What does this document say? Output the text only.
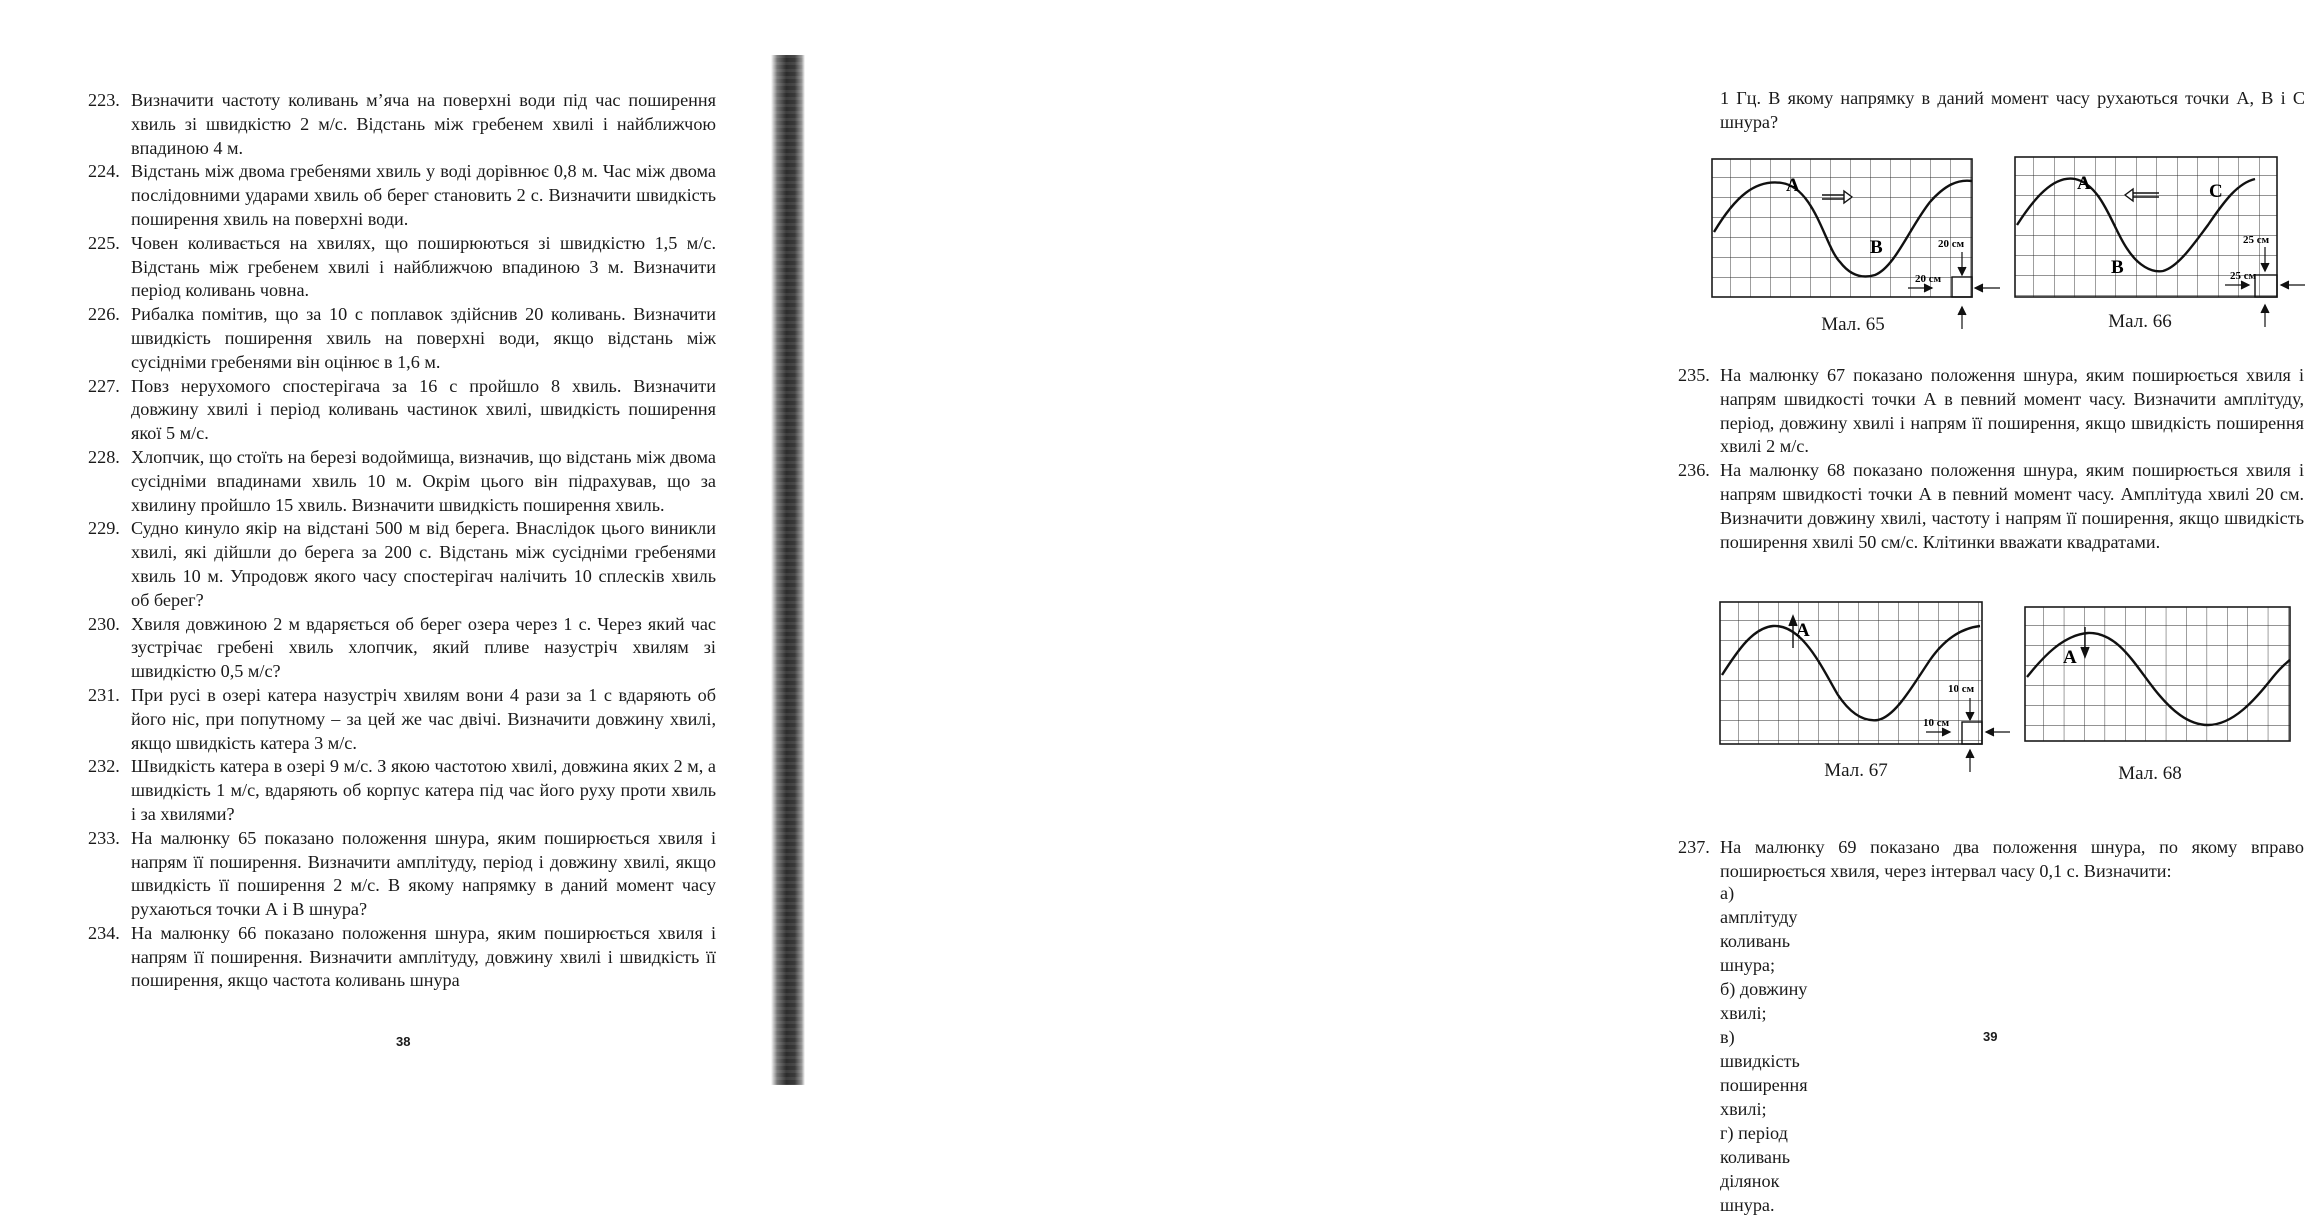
223. Визначити частоту коливань м’яча на поверхні води під час поширення хвиль зі швидкістю 2 м/с. Відстань між гребенем хвилі і найближчою впадиною 4 м.
224. Відстань між двома гребенями хвиль у воді дорівнює 0,8 м. Час між двома послідовними ударами хвиль об берег становить 2 с. Визначити швидкість поширення хвиль на поверхні води.
225. Човен коливається на хвилях, що поширюються зі швидкістю 1,5 м/с. Відстань між гребенем хвилі і найближчою впадиною 3 м. Визначити період коливань човна.
226. Рибалка помітив, що за 10 с поплавок здійснив 20 коливань. Визначити швидкість поширення хвиль на поверхні води, якщо відстань між сусідніми гребенями він оцінює в 1,6 м.
227. Повз нерухомого спостерігача за 16 с пройшло 8 хвиль. Визначити довжину хвилі і період коливань частинок хвилі, швидкість поширення якої 5 м/с.
228. Хлопчик, що стоїть на березі водоймища, визначив, що відстань між двома сусідніми впадинами хвиль 10 м. Окрім цього він підрахував, що за хвилину пройшло 15 хвиль. Визначити швидкість поширення хвиль.
229. Судно кинуло якір на відстані 500 м від берега. Внаслідок цього виникли хвилі, які дійшли до берега за 200 с. Відстань між сусідніми гребенями хвиль 10 м. Упродовж якого часу спостерігач налічить 10 сплесків хвиль об берег?
230. Хвиля довжиною 2 м вдаряється об берег озера через 1 с. Через який час зустрічає гребені хвиль хлопчик, який пливе назустріч хвилям зі швидкістю 0,5 м/с?
231. При русі в озері катера назустріч хвилям вони 4 рази за 1 с вдаряють об його ніс, при попутному – за цей же час двічі. Визначити довжину хвилі, якщо швидкість катера 3 м/с.
232. Швидкість катера в озері 9 м/с. З якою частотою хвилі, довжина яких 2 м, а швидкість 1 м/с, вдаряють об корпус катера під час його руху проти хвиль і за хвилями?
233. На малюнку 65 показано положення шнура, яким поширюється хвиля і напрям її поширення. Визначити амплітуду, період і довжину хвилі, якщо швидкість її поширення 2 м/с. В якому напрямку в даний момент часу рухаються точки А і В шнура?
234. На малюнку 66 показано положення шнура, яким поширюється хвиля і напрям її поширення. Визначити амплітуду, довжину хвилі і швидкість її поширення, якщо частота коливань шнура
38
1 Гц. В якому напрямку в даний момент часу рухаються точки А, В і С шнура?
A
B	20 см
20 см
Мал. 65
A
B
C
25 см
25 см
Мал. 66
235. На малюнку 67 показано положення шнура, яким поширюється хвиля і напрям швидкості точки А в певний момент часу. Визначити амплітуду, період, довжину хвилі і напрям її поширення, якщо швидкість поширення хвилі 2 м/с.
236. На малюнку 68 показано положення шнура, яким поширюється хвиля і напрям швидкості точки А в певний момент часу. Амплітуда хвилі 20 см. Визначити довжину хвилі, частоту і напрям її поширення, якщо швидкість поширення хвилі 50 см/с. Клітинки вважати квадратами.
A
10 см
10 см
Мал. 67
A
Мал. 68
237. На малюнку 69 показано два положення шнура, по якому вправо поширюється хвиля, через інтервал часу 0,1 с. Визначити:
а) амплітуду коливань шнура;
б) довжину хвилі;
в) швидкість поширення хвилі;
г) період коливань ділянок шнура.
39
